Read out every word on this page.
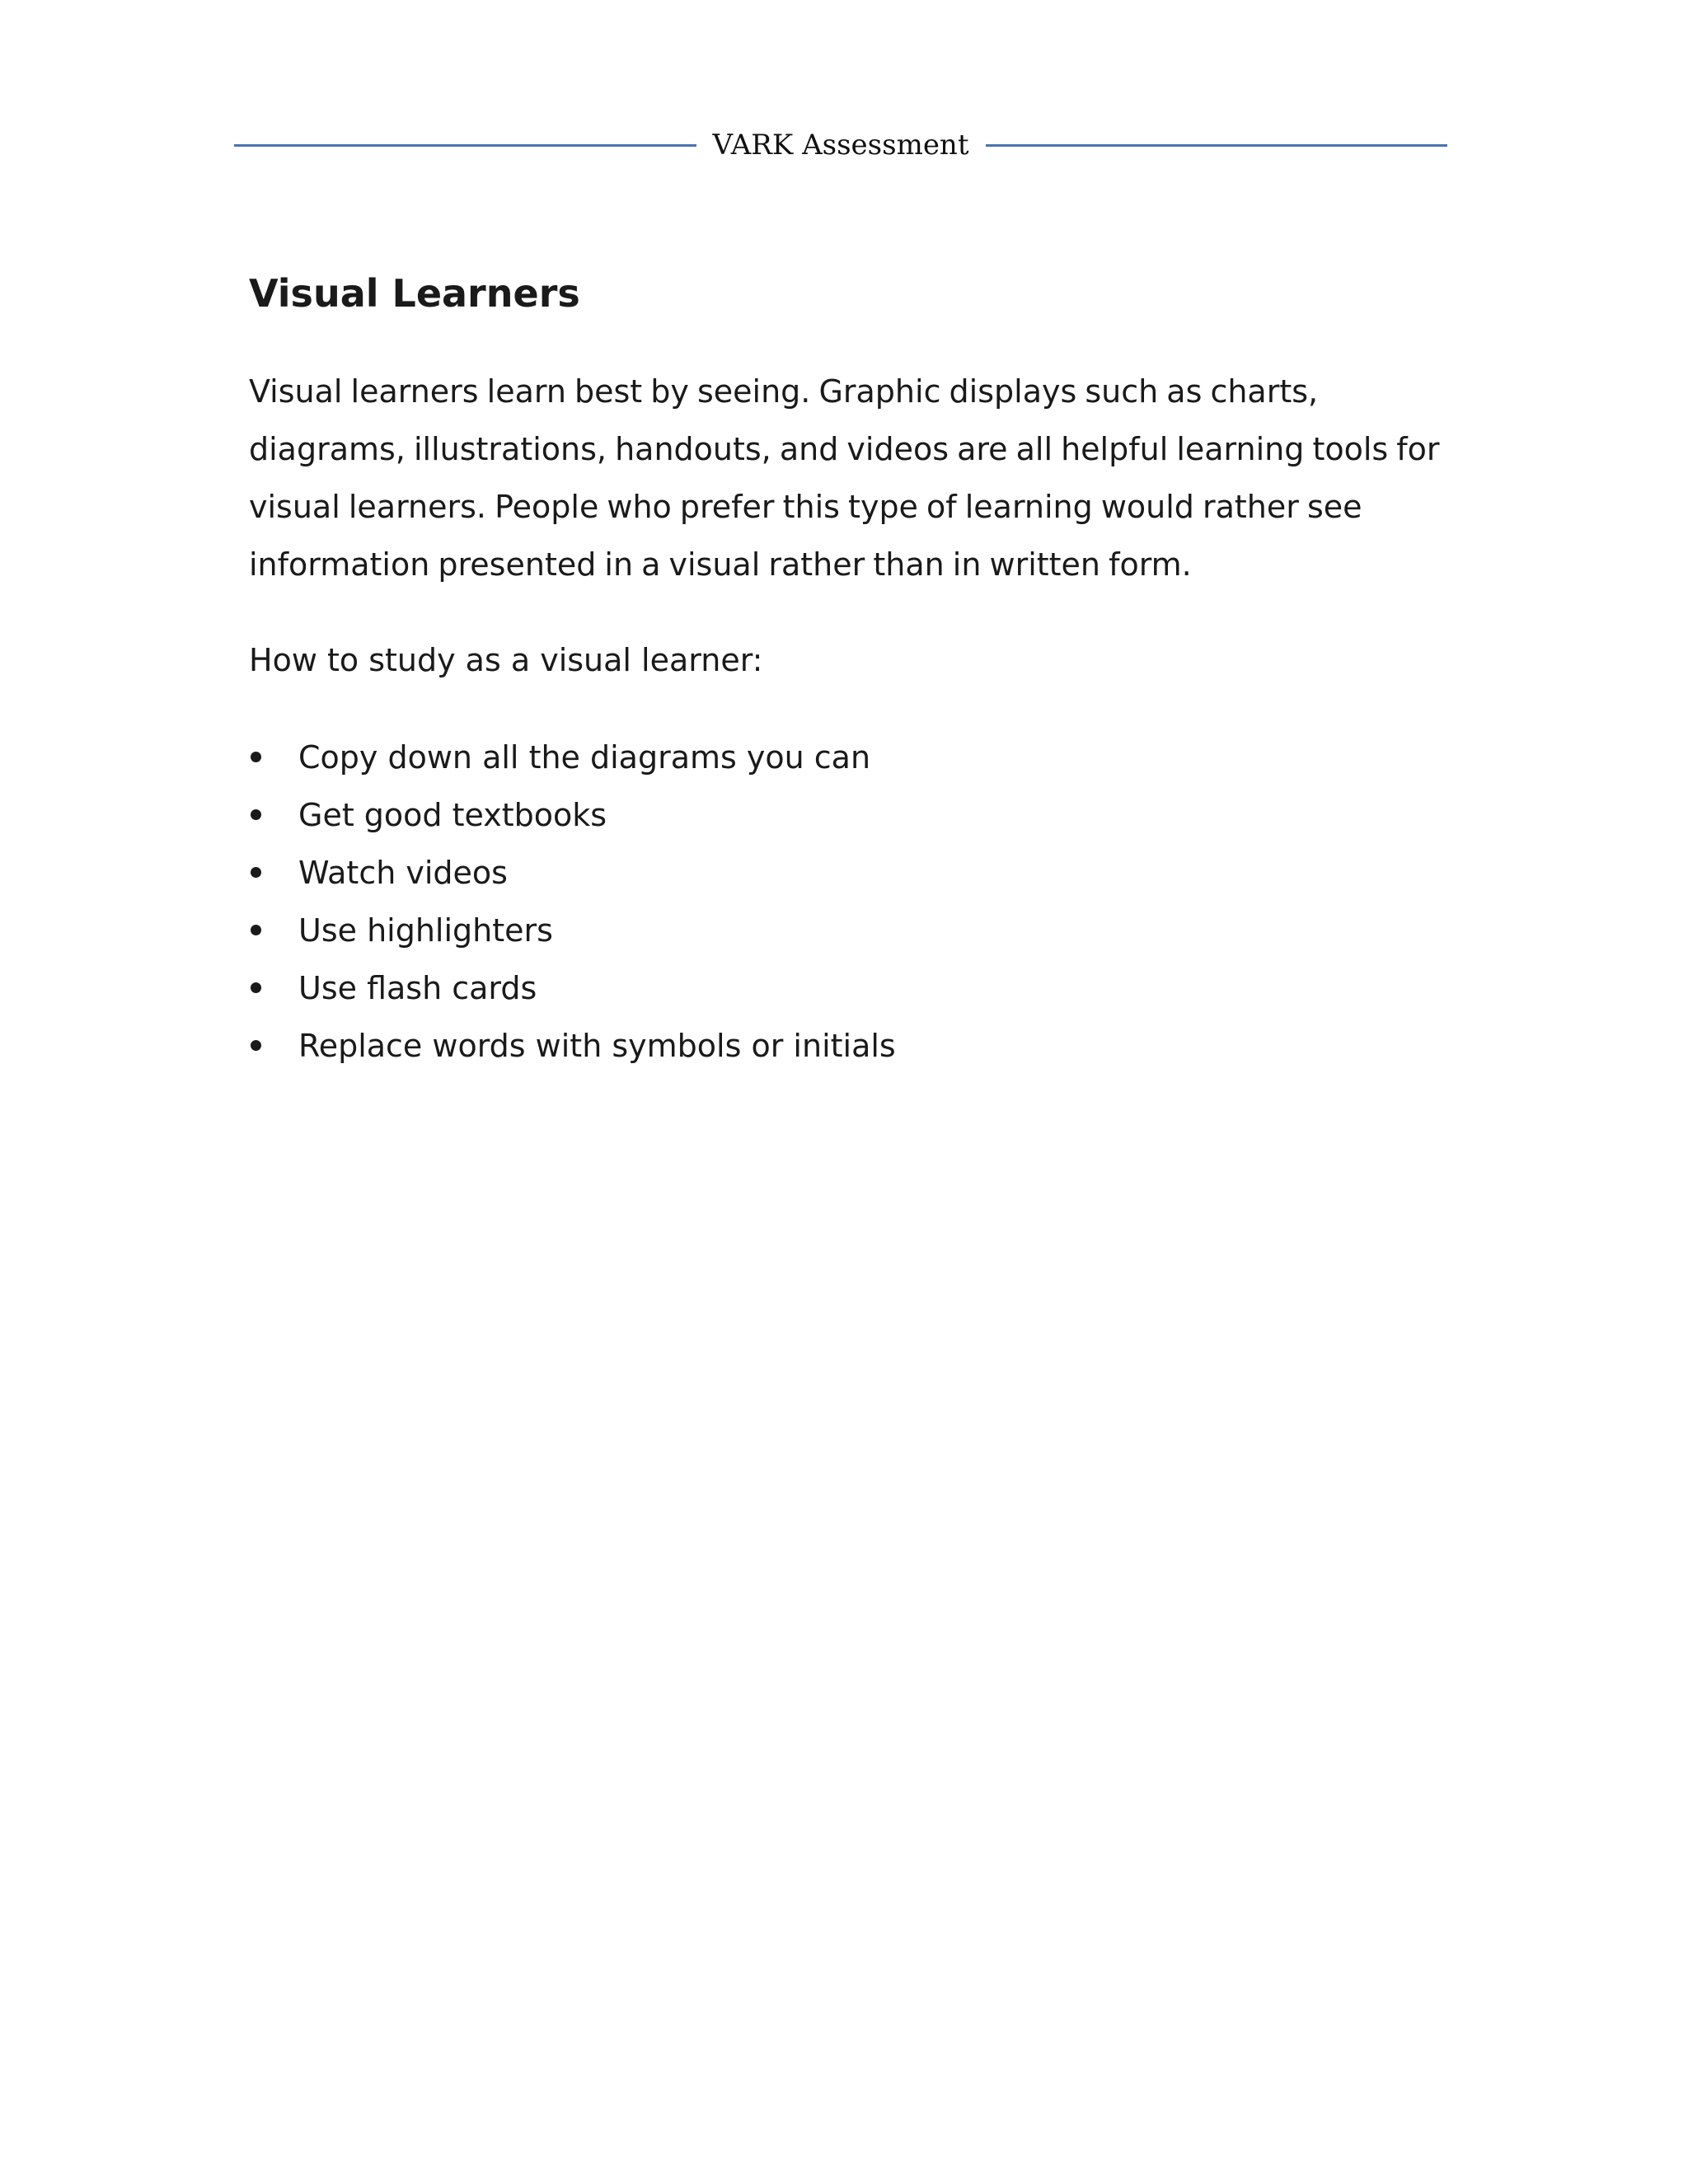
VARK Assessment
Visual Learners

Visual learners learn best by seeing. Graphic displays such as charts, diagrams, illustrations, handouts, and videos are all helpful learning tools for visual learners. People who prefer this type of learning would rather see information presented in a visual rather than in written form.

How to study as a visual learner:

Copy down all the diagrams you can
Get good textbooks
Watch videos
Use highlighters
Use flash cards
Replace words with symbols or initials
